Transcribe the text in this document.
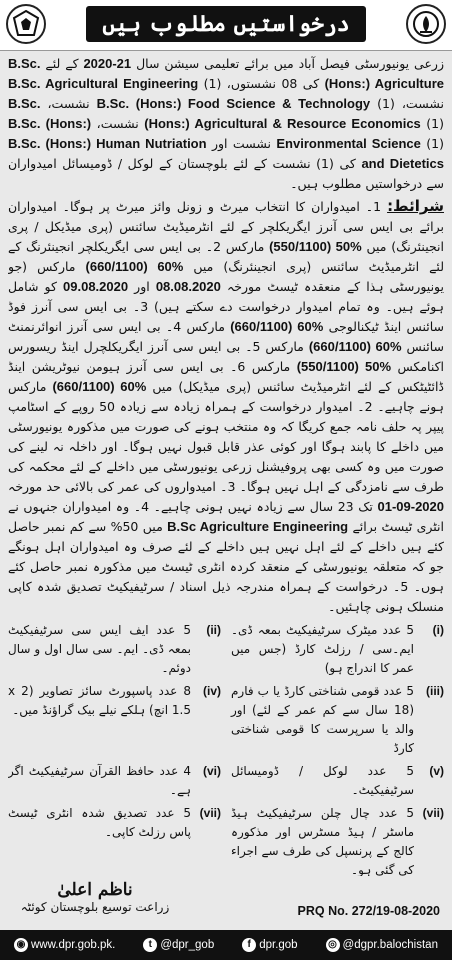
درخواستیں مطلوب ہیں

زرعی یونیورسٹی فیصل آباد میں برائے تعلیمی سیشن سال 2020-21 کے لئے B.Sc. (Hons:) Agriculture کی 08 نشستوں، B.Sc. Agricultural Engineering (1) نشست، B.Sc. (Hons:) Food Science & Technology (1) نشست، B.Sc. (Hons:) Agricultural & Resource Economics (1) نشست، B.Sc. (Hons:) Environmental Science (1) نشست اور B.Sc. (Hons:) Human Nutriation and Dietetics کی (1) نشست کے لئے بلوچستان کے لوکل / ڈومیسائل امیدواران سے درخواستیں مطلوب ہیں۔

شرائط: 1۔ امیدواران کا انتخاب میرٹ و زونل وائز میرٹ پر ہوگا۔ امیدواران برائے بی ایس سی آنرز ایگریکلچر کے لئے انٹرمیڈیٹ سائنس (پری میڈیکل / پری انجینئرنگ) میں (550/1100) 50% مارکس 2۔ بی ایس سی ایگریکلچر انجینئرنگ کے لئے انٹرمیڈیٹ سائنس (پری انجینئرنگ) میں (660/1100) 60% مارکس (جو یونیورسٹی ہذا کے منعقدہ ٹیسٹ مورخہ 08.08.2020 اور 09.08.2020 کو شامل ہوئے ہیں۔ وہ تمام امیدوار درخواست دے سکتے ہیں) 3۔ بی ایس سی آنرز فوڈ سائنس اینڈ ٹیکنالوجی (660/1100) 60% مارکس 4۔ بی ایس سی آنرز انوائرنمنٹ سائنس (660/1100) 60% مارکس 5۔ بی ایس سی آنرز ایگریکلچرل اینڈ ریسورس اکنامکس (550/1100) 50% مارکس 6۔ بی ایس سی آنرز ہیومن نیوٹریشن اینڈ ڈائٹیٹکس کے لئے انٹرمیڈیٹ سائنس (پری میڈیکل) میں (660/1100) 60% مارکس ہونے چاہیے۔ 2۔ امیدوار درخواست کے ہمراہ زیادہ سے زیادہ 50 روپے کے اسٹامپ پیپر پہ حلف نامہ جمع کریگا کہ وہ منتخب ہونے کی صورت میں مذکورہ یونیورسٹی میں داخلے کا پابند ہوگا اور کوئی عذر قابل قبول نہیں ہوگا۔ اور داخلہ نہ لینے کی صورت میں وہ کسی بھی پروفیشنل زرعی یونیورسٹی میں داخلے کے لئے محکمہ کی طرف سے نامزدگی کے اہل نہیں ہوگا۔ 3۔ امیدواروں کی عمر کی بالائی حد مورخہ 01-09-2020 تک 23 سال سے زیادہ نہیں ہونی چاہیے۔ 4۔ وہ امیدواران جنہوں نے انٹری ٹیسٹ برائے B.Sc Agriculture Engineering میں 50% سے کم نمبر حاصل کئے ہیں داخلے کے لئے اہل نہیں ہیں داخلے کے لئے صرف وہ امیدواران اہل ہونگے جو کہ متعلقہ یونیورسٹی کے منعقد کردہ انٹری ٹیسٹ میں مذکورہ نمبر حاصل کئے ہوں۔ 5۔ درخواست کے ہمراہ مندرجہ ذیل اسناد / سرٹیفیکیٹ تصدیق شدہ کاپی منسلک ہونی چاہئیں۔

(i)
5 عدد میٹرک سرٹیفیکیٹ بمعہ ڈی۔ایم۔سی / رزلٹ کارڈ (جس میں عمر کا اندراج ہو)
(ii)
5 عدد ایف ایس سی سرٹیفیکیٹ بمعہ ڈی۔ ایم۔ سی سال اول و سال دوئم۔
(iii)
5 عدد قومی شناختی کارڈ یا ب فارم (18 سال سے کم عمر کے لئے) اور والد یا سرپرست کا قومی شناختی کارڈ
(iv)
8 عدد پاسپورٹ سائز تصاویر (2 x 1.5 انچ) ہلکے نیلے بیک گراؤنڈ میں۔
(v)
5 عدد لوکل / ڈومیسائل سرٹیفیکیٹ۔
(vi)
4 عدد حافظ القرآن سرٹیفیکیٹ اگر ہے۔
(vii)
5 عدد چال چلن سرٹیفیکیٹ ہیڈ ماسٹر / ہیڈ مسٹرس اور مذکورہ کالج کے پرنسپل کی طرف سے اجراء کی گئی ہو۔
(vii)
5 عدد تصدیق شدہ انٹری ٹیسٹ پاس رزلٹ کاپی۔
ناظم اعلیٰ
زراعت توسیع بلوچستان کوئٹہ	PRQ No. 272/19-08-2020
◉ www.dpr.gob.pk.	t @dpr_gob	f dpr.gob	◎ @dgpr.balochistan
